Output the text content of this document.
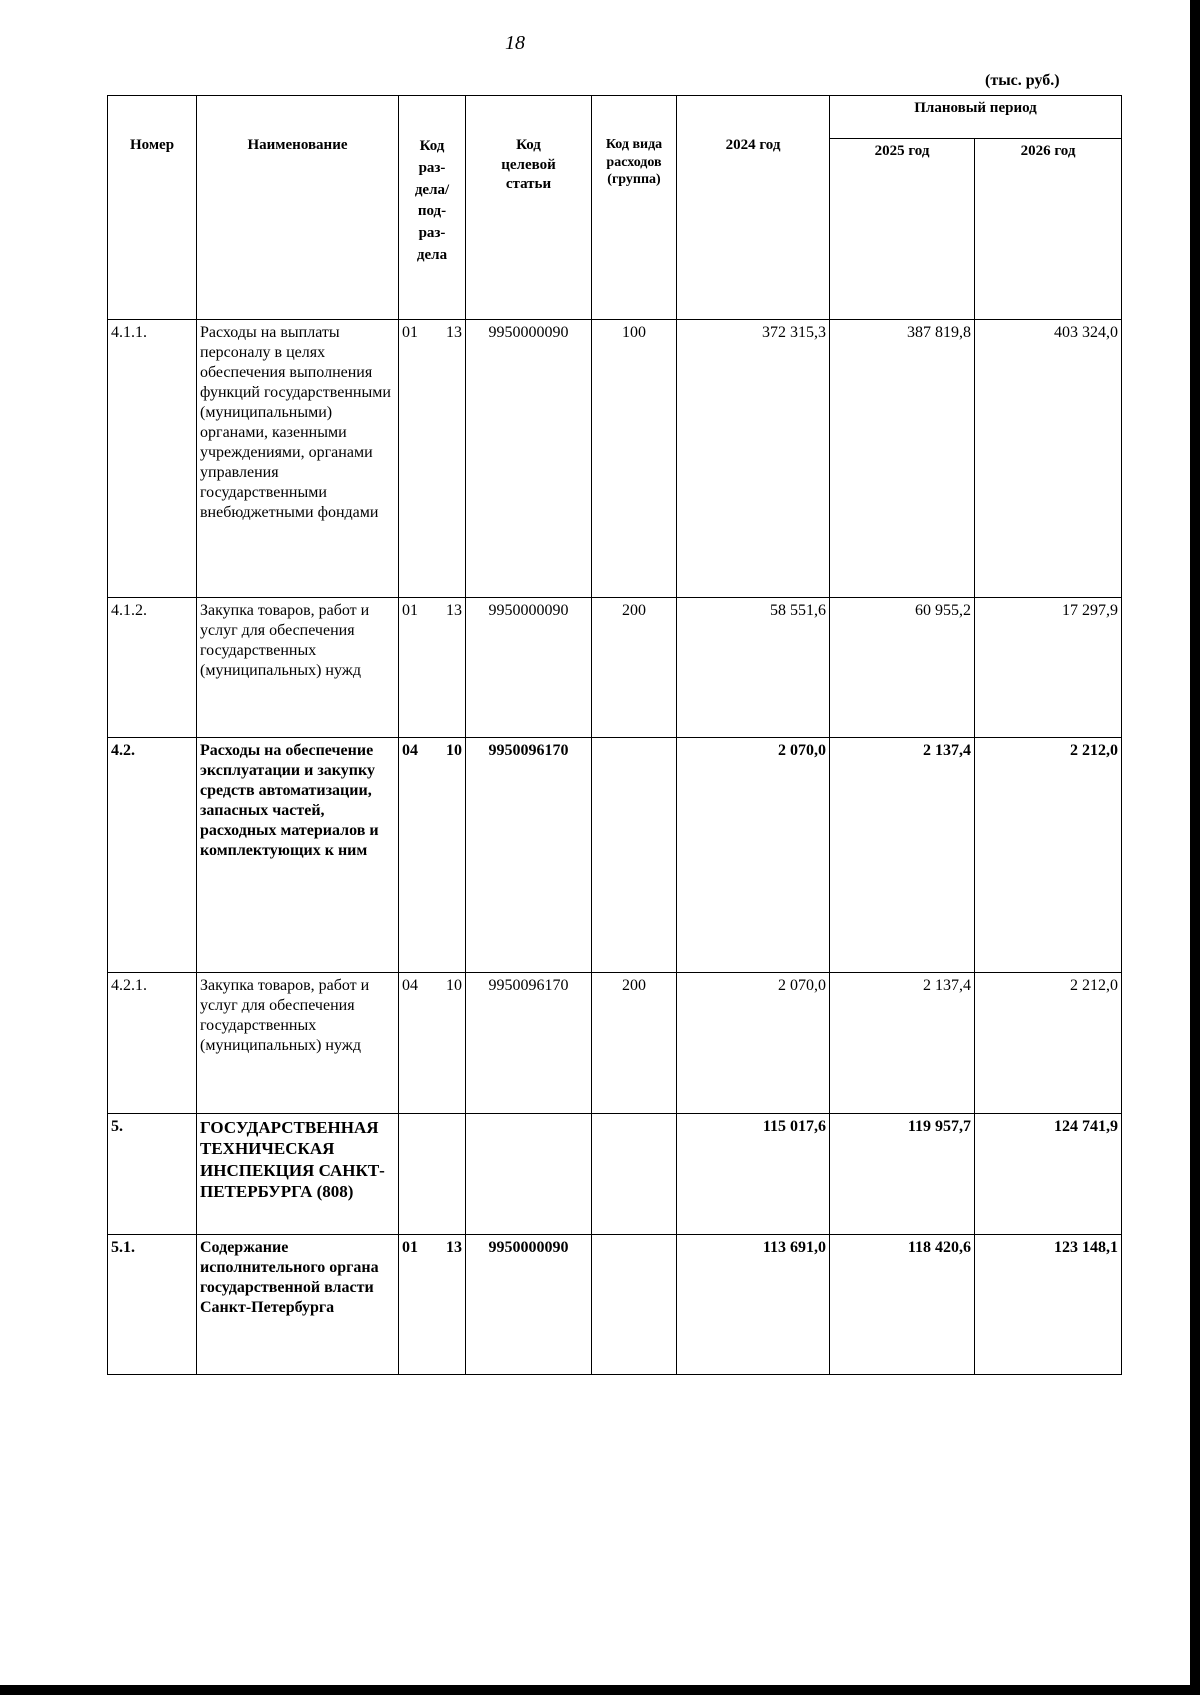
18
(тыс. руб.)
Номер	Наименование	Код раз- дела/ под- раз- дела	Код целевой статьи	Код вида расходов (группа)	2024 год	Плановый период	
						2025 год	2026 год
4.1.1.	Расходы на выплаты персоналу в целях обеспечения выполнения функций государственными (муниципальными) органами, казенными учреждениями, органами управления государственными внебюджетными фондами	01 13	9950000090	100	372 315,3	387 819,8	403 324,0
4.1.2.	Закупка товаров, работ и услуг для обеспечения государственных (муниципальных) нужд	01 13	9950000090	200	58 551,6	60 955,2	17 297,9
4.2.	Расходы на обеспечение эксплуатации и закупку средств автоматизации, запасных частей, расходных материалов и комплектующих к ним	04 10	9950096170		2 070,0	2 137,4	2 212,0
4.2.1.	Закупка товаров, работ и услуг для обеспечения государственных (муниципальных) нужд	04 10	9950096170	200	2 070,0	2 137,4	2 212,0
5.	ГОСУДАРСТВЕННАЯ ТЕХНИЧЕСКАЯ ИНСПЕКЦИЯ САНКТ-ПЕТЕРБУРГА (808)				115 017,6	119 957,7	124 741,9
5.1.	Содержание исполнительного органа государственной власти Санкт-Петербурга	01 13	9950000090		113 691,0	118 420,6	123 148,1
